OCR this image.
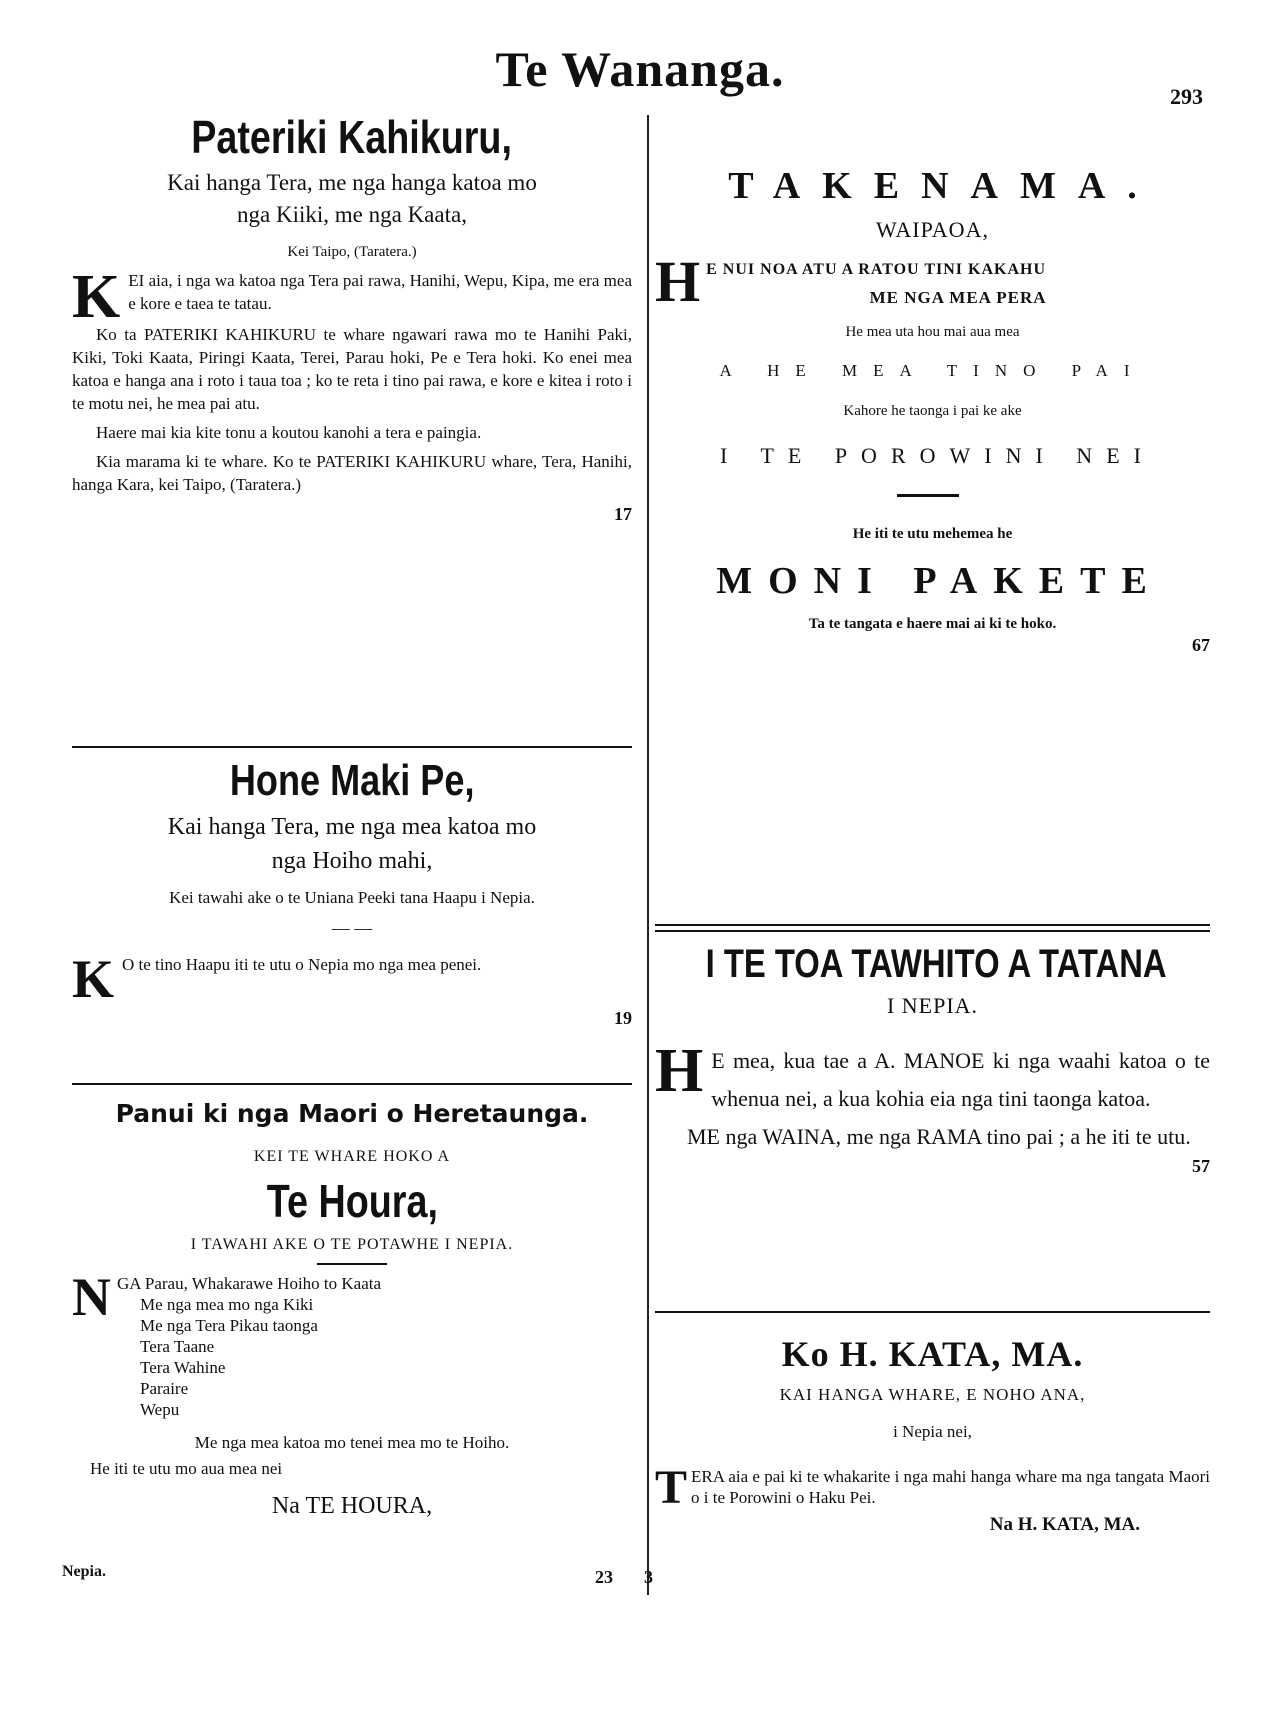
Te Wananga.	293
Pateriki Kahikuru,
Kai hanga Tera, me nga hanga katoa mo
nga Kiiki, me nga Kaata,
Kei Taipo, (Taratera.)
K EI aia, i nga wa katoa nga Tera pai rawa, Hanihi, Wepu, Kipa, me era mea e kore e taea te tatau.
Ko ta PATERIKI KAHIKURU te whare ngawari rawa mo te Hanihi Paki, Kiki, Toki Kaata, Piringi Kaata, Terei, Parau hoki, Pe e Tera hoki. Ko enei mea katoa e hanga ana i roto i taua toa ; ko te reta i tino pai rawa, e kore e kitea i roto i te motu nei, he mea pai atu.
Haere mai kia kite tonu a koutou kanohi a tera e paingia.
Kia marama ki te whare. Ko te PATERIKI KAHIKURU whare, Tera, Hanihi, hanga Kara, kei Taipo, (Taratera.)
17
Hone Maki Pe,
Kai hanga Tera, me nga mea katoa mo
nga Hoiho mahi,
Kei tawahi ake o te Uniana Peeki tana Haapu i Nepia.
— —
K O te tino Haapu iti te utu o Nepia mo nga mea penei.
19
Panui ki nga Maori o Heretaunga.
KEI TE WHARE HOKO A
Te Houra,
I TAWAHI AKE O TE POTAWHE I NEPIA.
N GA Parau, Whakarawe Hoiho to Kaata
Me nga mea mo nga Kiki
Me nga Tera Pikau taonga
Tera Taane
Tera Wahine
Paraire
Wepu
Me nga mea katoa mo tenei mea mo te Hoiho.
He iti te utu mo aua mea nei
Na TE HOURA,
Nepia.	23
TAKENAMA.
WAIPAOA,
H E NUI NOA ATU A RATOU TINI KAKAHU
ME NGA MEA PERA
He mea uta hou mai aua mea
A HE MEA TINO PAI
Kahore he taonga i pai ke ake
I TE POROWINI NEI
He iti te utu mehemea he
MONI PAKETE
Ta te tangata e haere mai ai ki te hoko.
67
I TE TOA TAWHITO A TATANA
I NEPIA.
H E mea, kua tae a A. MANOE ki nga waahi katoa o te whenua nei, a kua kohia eia nga tini taonga katoa.
ME nga WAINA, me nga RAMA tino pai ; a he iti te utu.
57
Ko H. KATA, MA.
KAI HANGA WHARE, E NOHO ANA,
i Nepia nei,
T ERA aia e pai ki te whakarite i nga mahi hanga whare ma nga tangata Maori o i te Porowini o Haku Pei.
Na H. KATA, MA.
3
